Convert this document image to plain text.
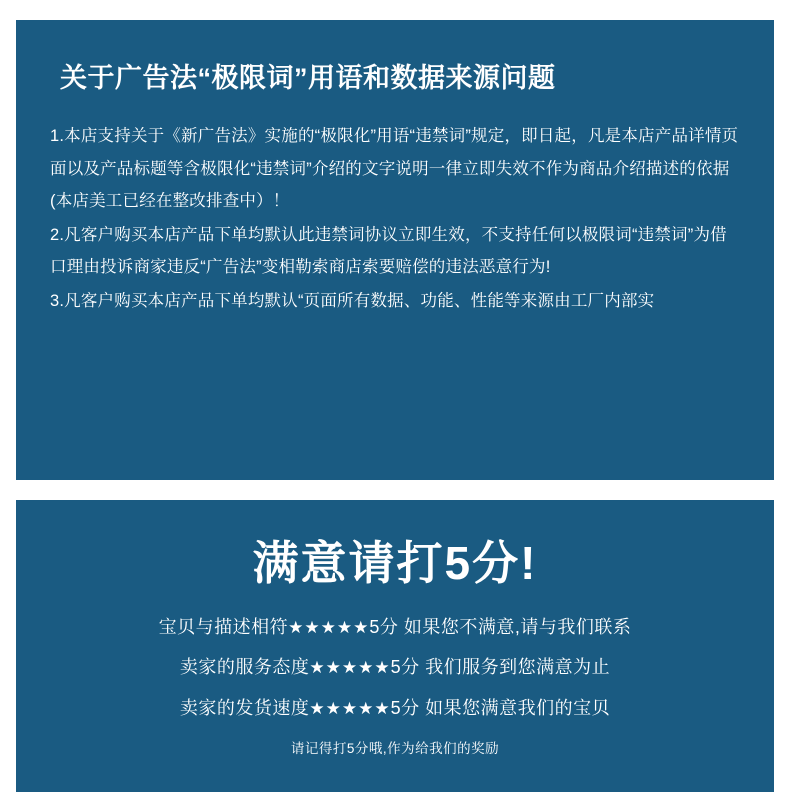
关于广告法“极限词”用语和数据来源问题

1.本店支持关于《新广告法》实施的“极限化”用语“违禁词”规定，即日起，凡是本店产品详情页面以及产品标题等含极限化“违禁词”介绍的文字说明一律立即失效不作为商品介绍描述的依据(本店美工已经在整改排查中）！

2.凡客户购买本店产品下单均默认此违禁词协议立即生效，不支持任何以极限词“违禁词”为借口理由投诉商家违反“广告法”变相勒索商店索要赔偿的违法恶意行为!

3.凡客户购买本店产品下单均默认“页面所有数据、功能、性能等来源由工厂内部实

满意请打5分!

宝贝与描述相符★★★★★5分 如果您不满意,请与我们联系

卖家的服务态度★★★★★5分 我们服务到您满意为止

卖家的发货速度★★★★★5分 如果您满意我们的宝贝

请记得打5分哦,作为给我们的奖励
